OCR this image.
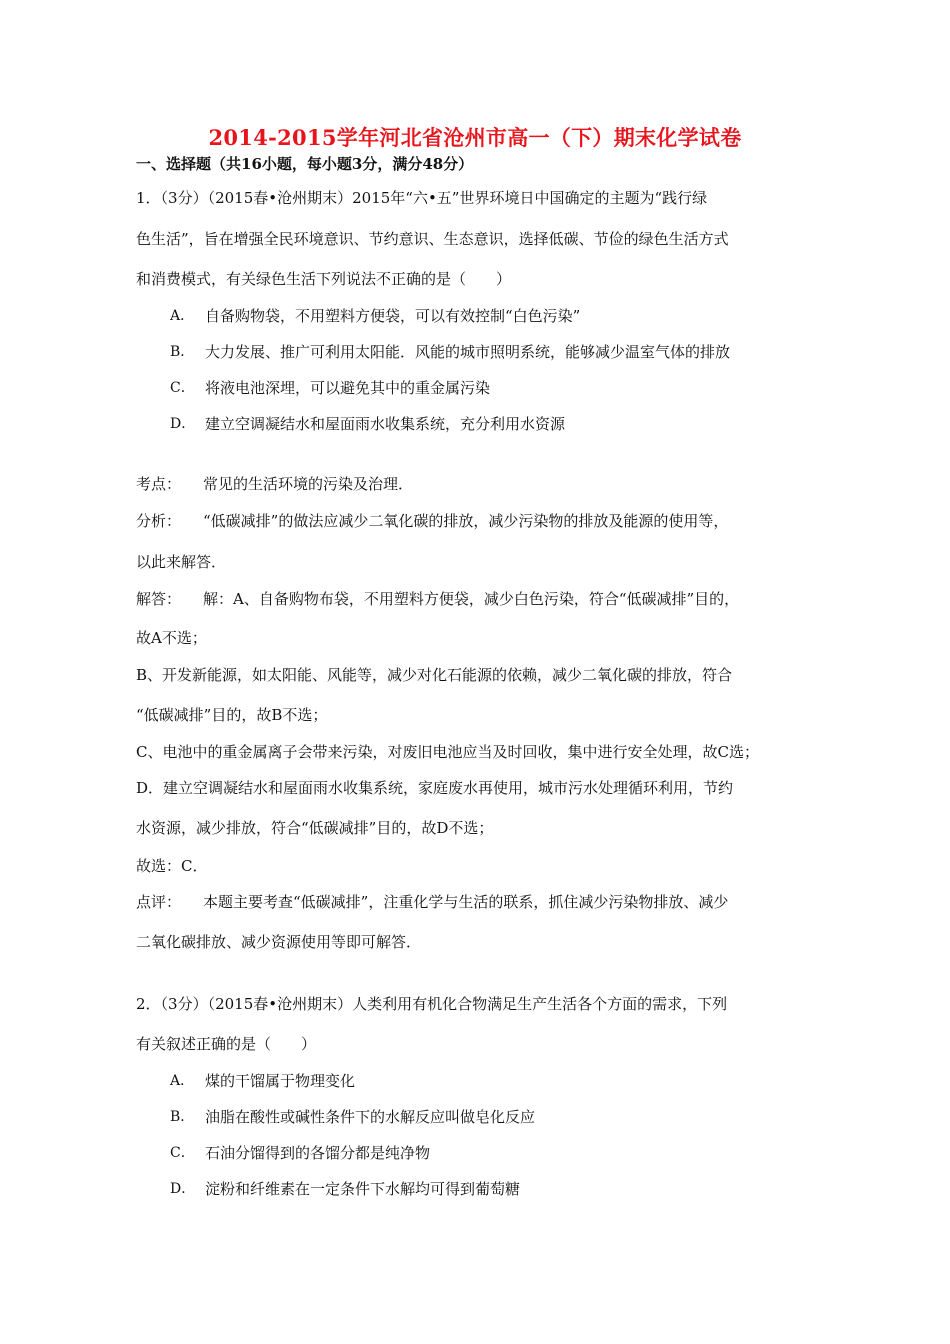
2014-2015学年河北省沧州市高一（下）期末化学试卷
一、选择题（共16小题，每小题3分，满分48分）
1．（3分）（2015春•沧州期末）2015年“六•五”世界环境日中国确定的主题为“践行绿
色生活”，旨在增强全民环境意识、节约意识、生态意识，选择低碳、节俭的绿色生活方式
和消费模式，有关绿色生活下列说法不正确的是（　　）
A． 自备购物袋，不用塑料方便袋，可以有效控制“白色污染”
B． 大力发展、推广可利用太阳能．风能的城市照明系统，能够减少温室气体的排放
C． 将液电池深埋，可以避免其中的重金属污染
D． 建立空调凝结水和屋面雨水收集系统，充分利用水资源
考点： 常见的生活环境的污染及治理．
分析： “低碳减排”的做法应减少二氧化碳的排放，减少污染物的排放及能源的使用等，
以此来解答．
解答： 解：A、自备购物布袋，不用塑料方便袋，减少白色污染，符合“低碳减排”目的，
故A不选；
B、开发新能源，如太阳能、风能等，减少对化石能源的依赖，减少二氧化碳的排放，符合
“低碳减排”目的，故B不选；
C、电池中的重金属离子会带来污染，对废旧电池应当及时回收，集中进行安全处理，故C选；
D．建立空调凝结水和屋面雨水收集系统，家庭废水再使用，城市污水处理循环利用，节约
水资源，减少排放，符合“低碳减排”目的，故D不选；
故选：C．
点评： 本题主要考查“低碳减排”，注重化学与生活的联系，抓住减少污染物排放、减少
二氧化碳排放、减少资源使用等即可解答．
2．（3分）（2015春•沧州期末）人类利用有机化合物满足生产生活各个方面的需求，下列
有关叙述正确的是（　　）
A． 煤的干馏属于物理变化
B． 油脂在酸性或碱性条件下的水解反应叫做皂化反应
C． 石油分馏得到的各馏分都是纯净物
D． 淀粉和纤维素在一定条件下水解均可得到葡萄糖
